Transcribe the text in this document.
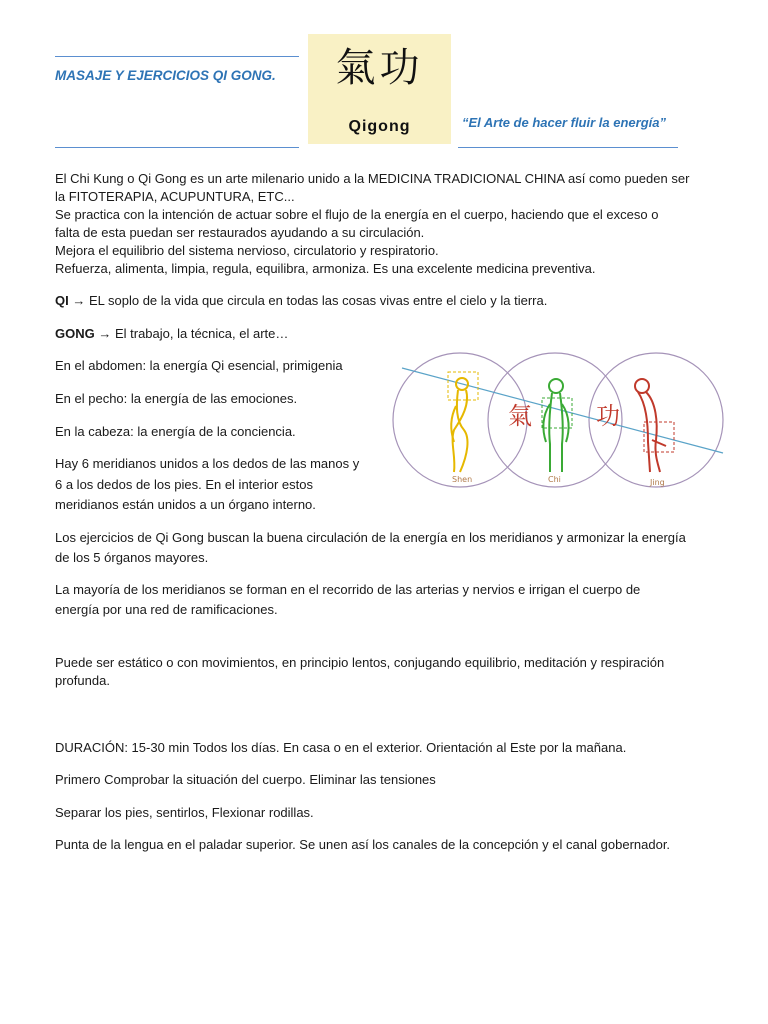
MASAJE Y EJERCICIOS QI GONG.	氣功
Qigong	“El Arte de hacer fluir la energía”
El Chi Kung o Qi Gong es un arte milenario unido a la MEDICINA TRADICIONAL CHINA así como pueden ser
la FITOTERAPIA, ACUPUNTURA, ETC...
Se practica con la intención de actuar sobre el flujo de la energía en el cuerpo, haciendo que el exceso o
falta de esta puedan ser restaurados ayudando a su circulación.
Mejora el equilibrio del sistema nervioso, circulatorio y respiratorio.
Refuerza, alimenta, limpia, regula, equilibra, armoniza. Es una excelente medicina preventiva.
QI → EL soplo de la vida que circula en todas las cosas vivas entre el cielo y la tierra.
GONG → El trabajo, la técnica, el arte…
En el abdomen: la energía Qi esencial, primigenia
En el pecho: la energía de las emociones.
En la cabeza: la energía de la conciencia.
Hay 6 meridianos unidos a los dedos de las manos y
6 a los dedos de los pies. En el interior estos
meridianos están unidos a un órgano interno.
氣	功
Shen	Chi	Jing
Los ejercicios de Qi Gong buscan la buena circulación de la energía en los meridianos y armonizar la energía
de los 5 órganos mayores.
La mayoría de los meridianos se forman en el recorrido de las arterias y nervios e irrigan el cuerpo de
energía por una red de ramificaciones.
Puede ser estático o con movimientos, en principio lentos, conjugando equilibrio, meditación y respiración
profunda.
DURACIÓN: 15-30 min Todos los días. En casa o en el exterior. Orientación al Este por la mañana.
Primero Comprobar la situación del cuerpo. Eliminar las tensiones
Separar los pies, sentirlos, Flexionar rodillas.
Punta de la lengua en el paladar superior. Se unen así los canales de la concepción y el canal gobernador.
